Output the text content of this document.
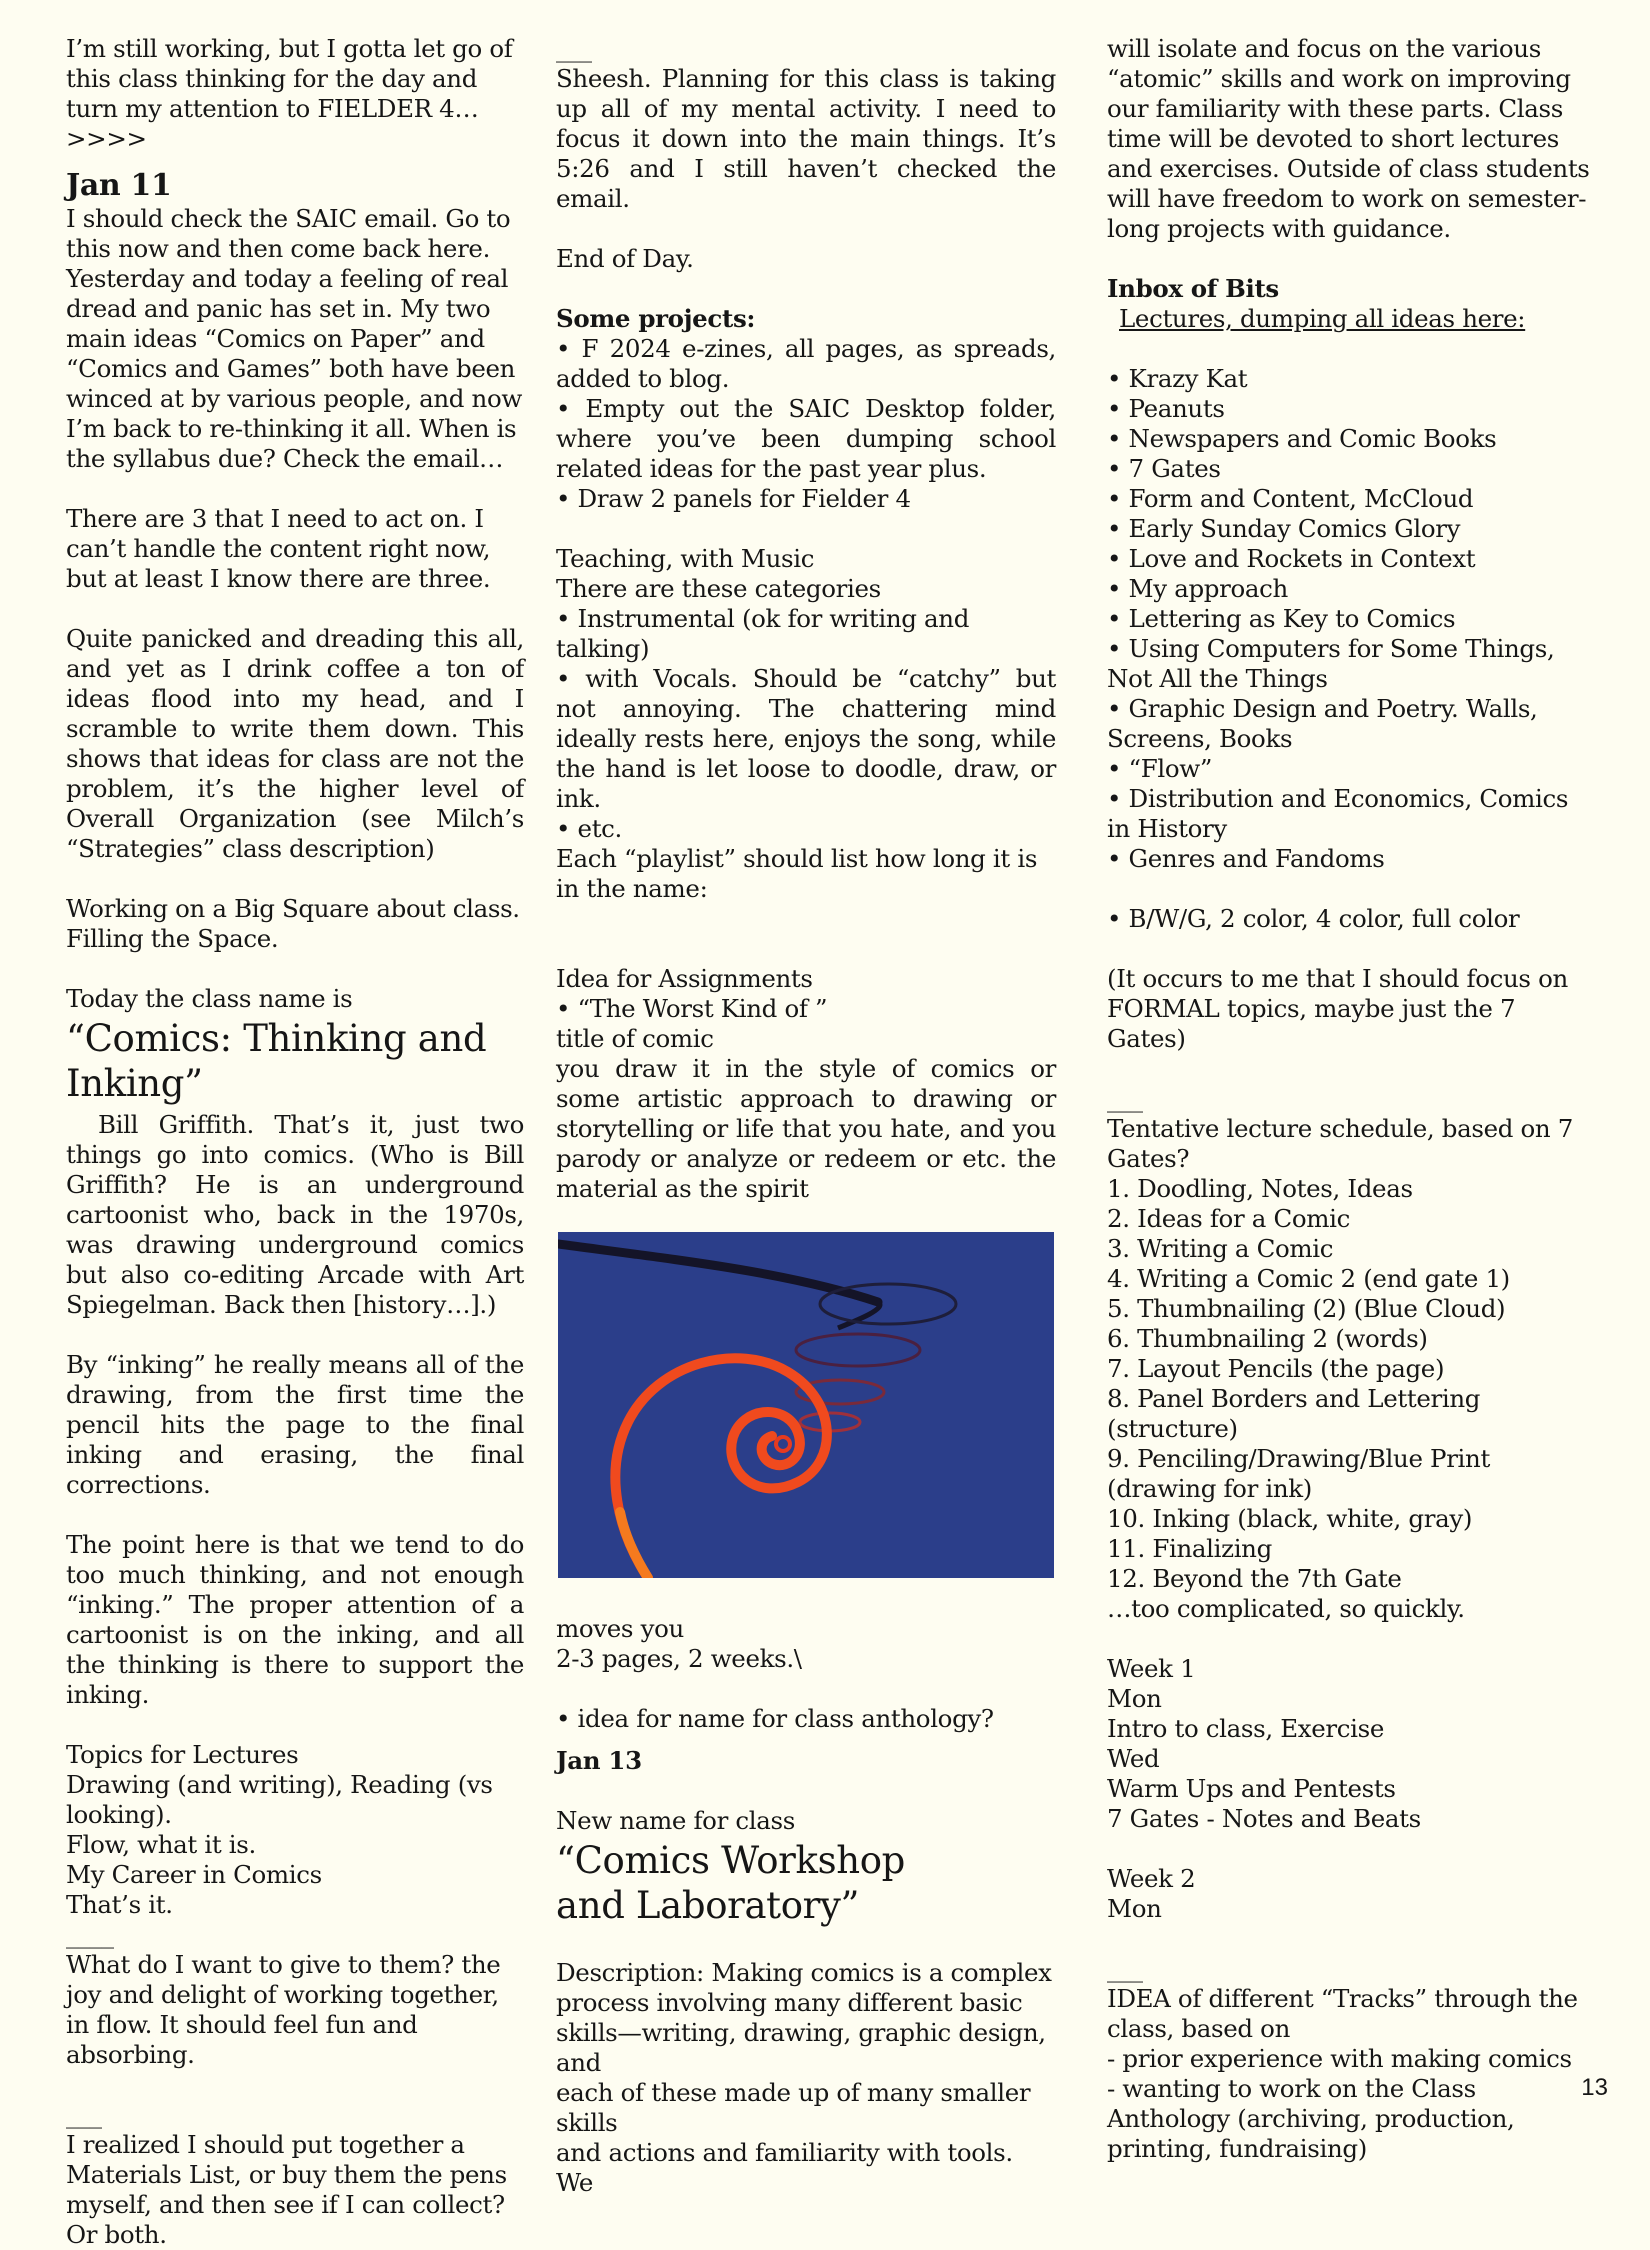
I’m still working, but I gotta let go of this class thinking for the day and turn my attention to FIELDER 4… >>>>

Jan 11

I should check the SAIC email. Go to this now and then come back here. Yesterday and today a feeling of real dread and panic has set in. My two main ideas “Comics on Paper” and “Comics and Games” both have been winced at by various people, and now I’m back to re-thinking it all. When is the syllabus due? Check the email…

There are 3 that I need to act on. I can’t handle the content right now, but at least I know there are three.

Quite panicked and dreading this all, and yet as I drink coffee a ton of ideas flood into my head, and I scramble to write them down. This shows that ideas for class are not the problem, it’s the higher level of Overall Organization (see Milch’s “Strategies” class description)

Working on a Big Square about class. Filling the Space.

Today the class name is

“Comics: Thinking and Inking”

Bill Griffith. That’s it, just two things go into comics. (Who is Bill Griffith? He is an underground cartoonist who, back in the 1970s, was drawing underground comics but also co-editing Arcade with Art Spiegelman. Back then [history…].)

By “inking” he really means all of the drawing, from the first time the pencil hits the page to the final inking and erasing, the final corrections.

The point here is that we tend to do too much thinking, and not enough “inking.” The proper attention of a cartoonist is on the inking, and all the thinking is there to support the inking.

Topics for Lectures

Drawing (and writing), Reading (vs looking).

Flow, what it is.

My Career in Comics

That’s it.

____

What do I want to give to them? the joy and delight of working together, in flow. It should feel fun and absorbing.

___

I realized I should put together a

Materials List, or buy them the pens

myself, and then see if I can collect?

Or both.

___

Sheesh. Planning for this class is taking up all of my mental activity. I need to focus it down into the main things. It’s 5:26 and I still haven’t checked the email.

End of Day.

Some projects:

• F 2024 e-zines, all pages, as spreads, added to blog.

• Empty out the SAIC Desktop folder, where you’ve been dumping school related ideas for the past year plus.

• Draw 2 panels for Fielder 4

Teaching, with Music

There are these categories

• Instrumental (ok for writing and talking)

• with Vocals. Should be “catchy” but not annoying. The chattering mind ideally rests here, enjoys the song, while the hand is let loose to doodle, draw, or ink.

• etc.

Each “playlist” should list how long it is in the name:

Idea for Assignments

• “The Worst Kind of ”

title of comic

you draw it in the style of comics or some artistic approach to drawing or storytelling or life that you hate, and you parody or analyze or redeem or etc. the material as the spirit

moves you

2-3 pages, 2 weeks.\

• idea for name for class anthology?

Jan 13

New name for class

“Comics Workshop

and Laboratory”

Description: Making comics is a complex

process involving many different basic

skills—writing, drawing, graphic design, and

each of these made up of many smaller skills

and actions and familiarity with tools. We

will isolate and focus on the various “atomic” skills and work on improving our familiarity with these parts. Class time will be devoted to short lectures and exercises. Outside of class students will have freedom to work on semester-long projects with guidance.

Inbox of Bits

Lectures, dumping all ideas here:

• Krazy Kat

• Peanuts

• Newspapers and Comic Books

• 7 Gates

• Form and Content, McCloud

• Early Sunday Comics Glory

• Love and Rockets in Context

• My approach

• Lettering as Key to Comics

• Using Computers for Some Things, Not All the Things

• Graphic Design and Poetry. Walls, Screens, Books

• “Flow”

• Distribution and Economics, Comics in History

• Genres and Fandoms

• B/W/G, 2 color, 4 color, full color

(It occurs to me that I should focus on FORMAL topics, maybe just the 7 Gates)

___

Tentative lecture schedule, based on 7 Gates?

1. Doodling, Notes, Ideas

2. Ideas for a Comic

3. Writing a Comic

4. Writing a Comic 2 (end gate 1)

5. Thumbnailing (2) (Blue Cloud)

6. Thumbnailing 2 (words)

7. Layout Pencils (the page)

8. Panel Borders and Lettering (structure)

9. Penciling/Drawing/Blue Print (drawing for ink)

10. Inking (black, white, gray)

11. Finalizing

12. Beyond the 7th Gate

…too complicated, so quickly.

Week 1

Mon

Intro to class, Exercise

Wed

Warm Ups and Pentests

7 Gates - Notes and Beats

Week 2

Mon

___

IDEA of different “Tracks” through the class, based on

- prior experience with making comics

- wanting to work on the Class Anthology (archiving, production, printing, fundraising)

13
